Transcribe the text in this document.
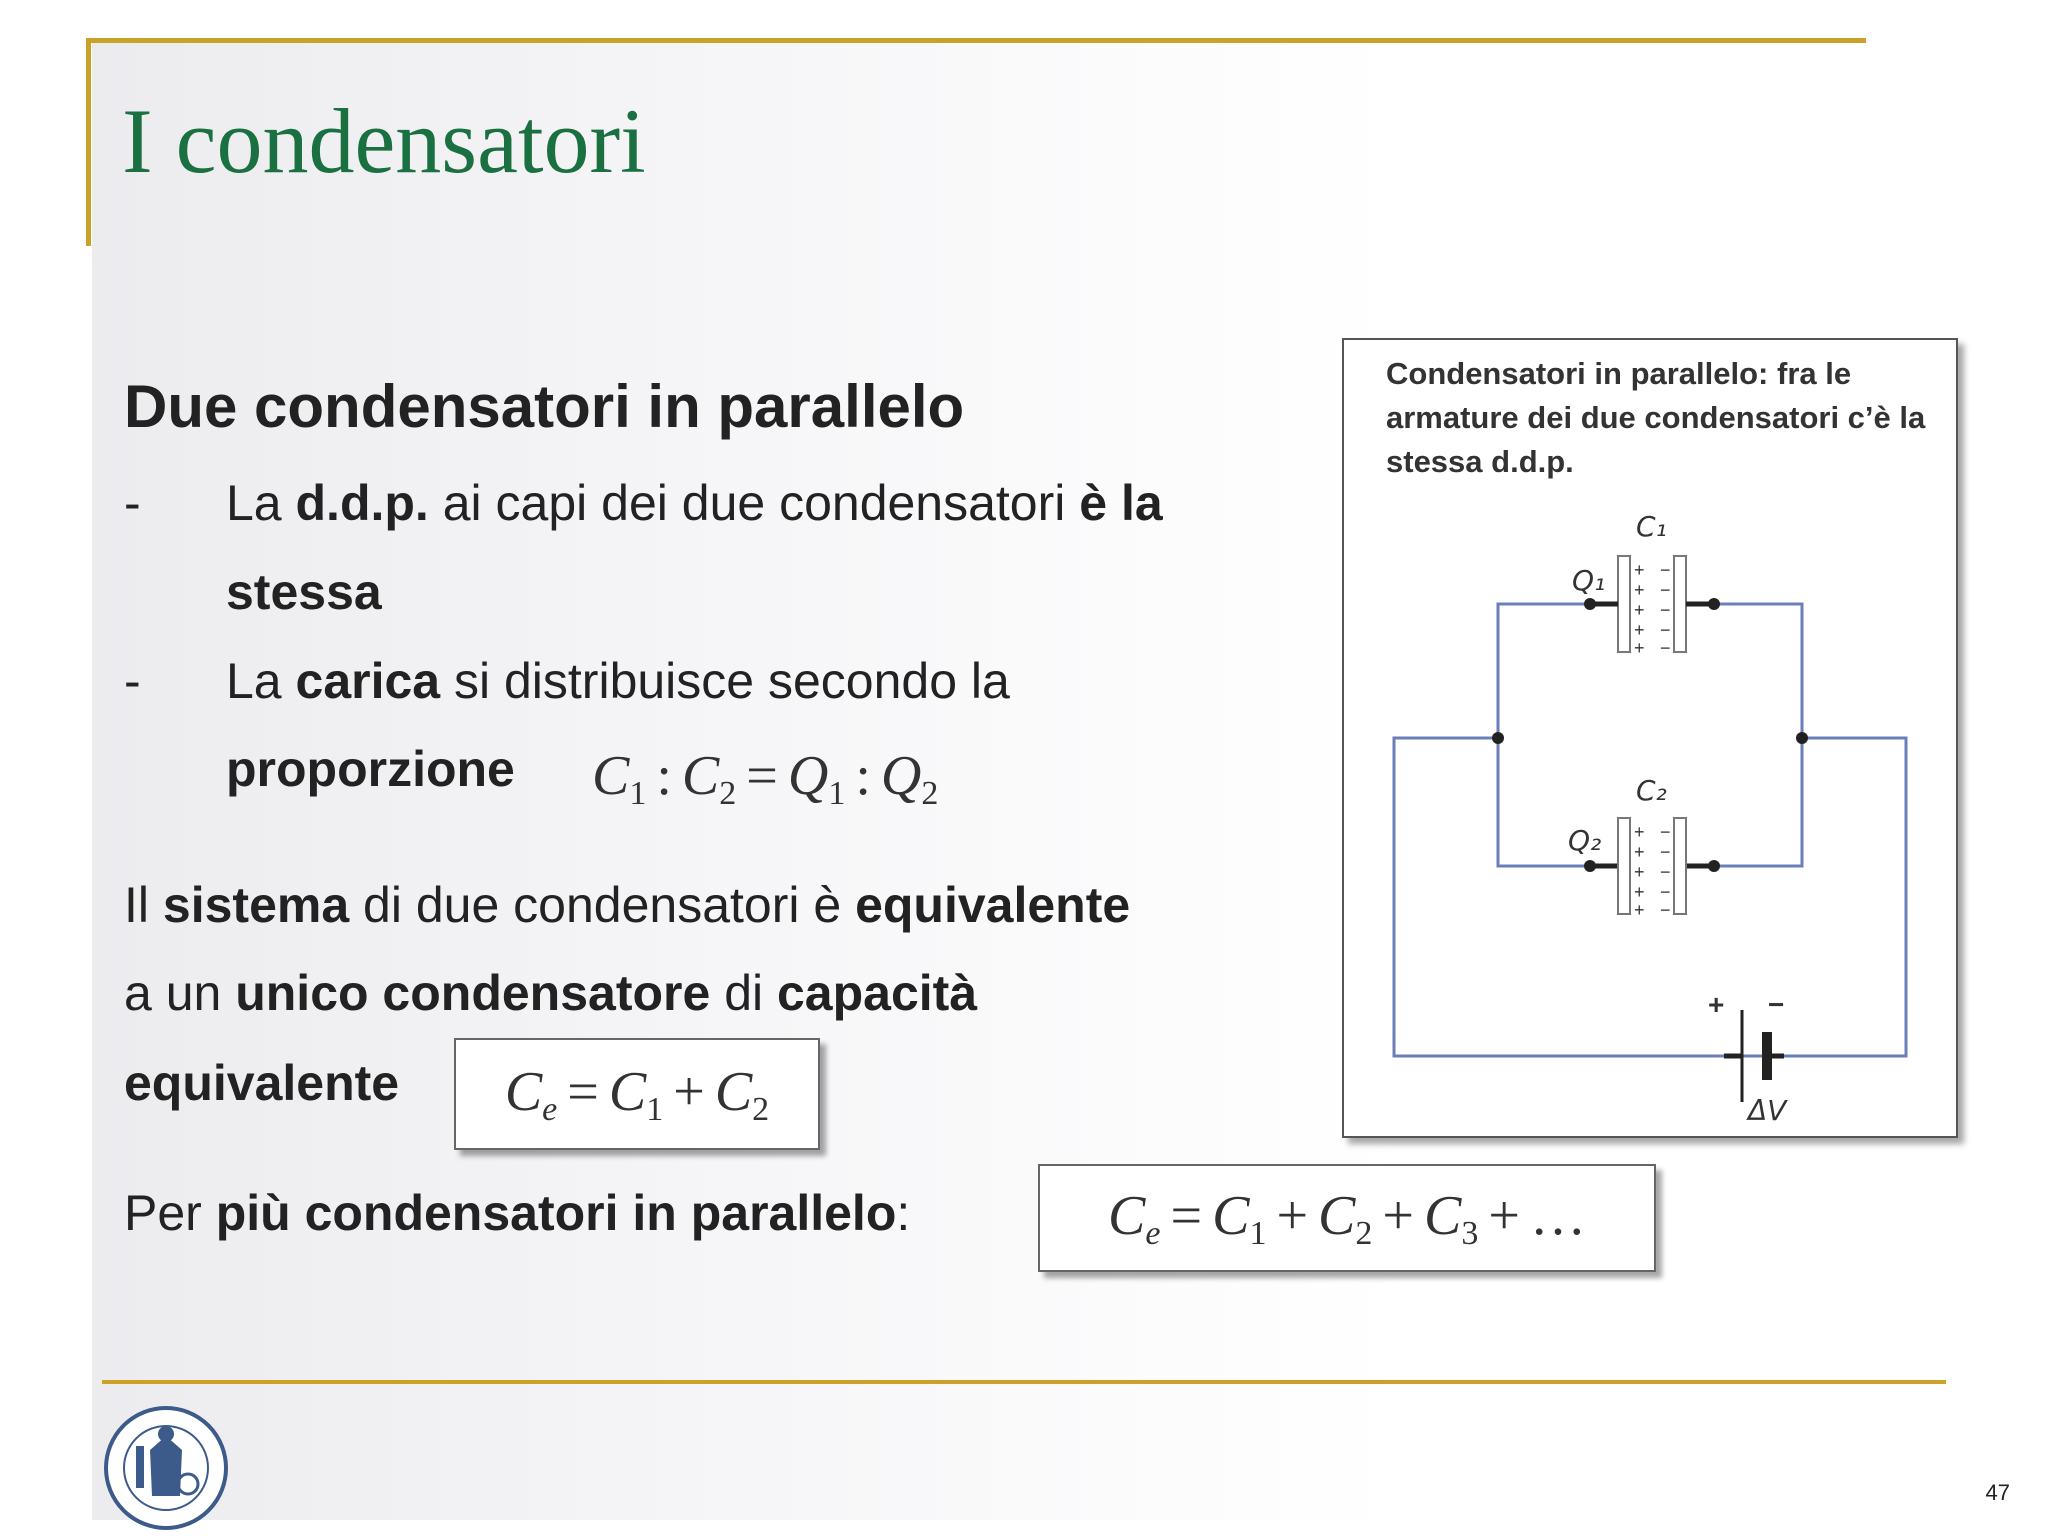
I condensatori
Due condensatori in parallelo
- La d.d.p. ai capi dei due condensatori è la

stessa

- La carica si distribuisce secondo la

proporzione $C_1$ : $C_2 = Q_1$ : $Q_2$

Il sistema di due condensatori è equivalente

a un unico condensatore di capacità

equivalente $C_e = C_1 + C_2$

Per più condensatori in parallelo:	$C_e = C_1 + C_2 + C_3$ + …

Condensatori in parallelo: fra le armature dei due condensatori c’è la stessa d.d.p.

+
+
+
+
+
−
−
−
−
−
+
+
+
+
+
−
−
−
−
−
C₁
Q₁
C₂
Q₂
ΔV
+ −
47
